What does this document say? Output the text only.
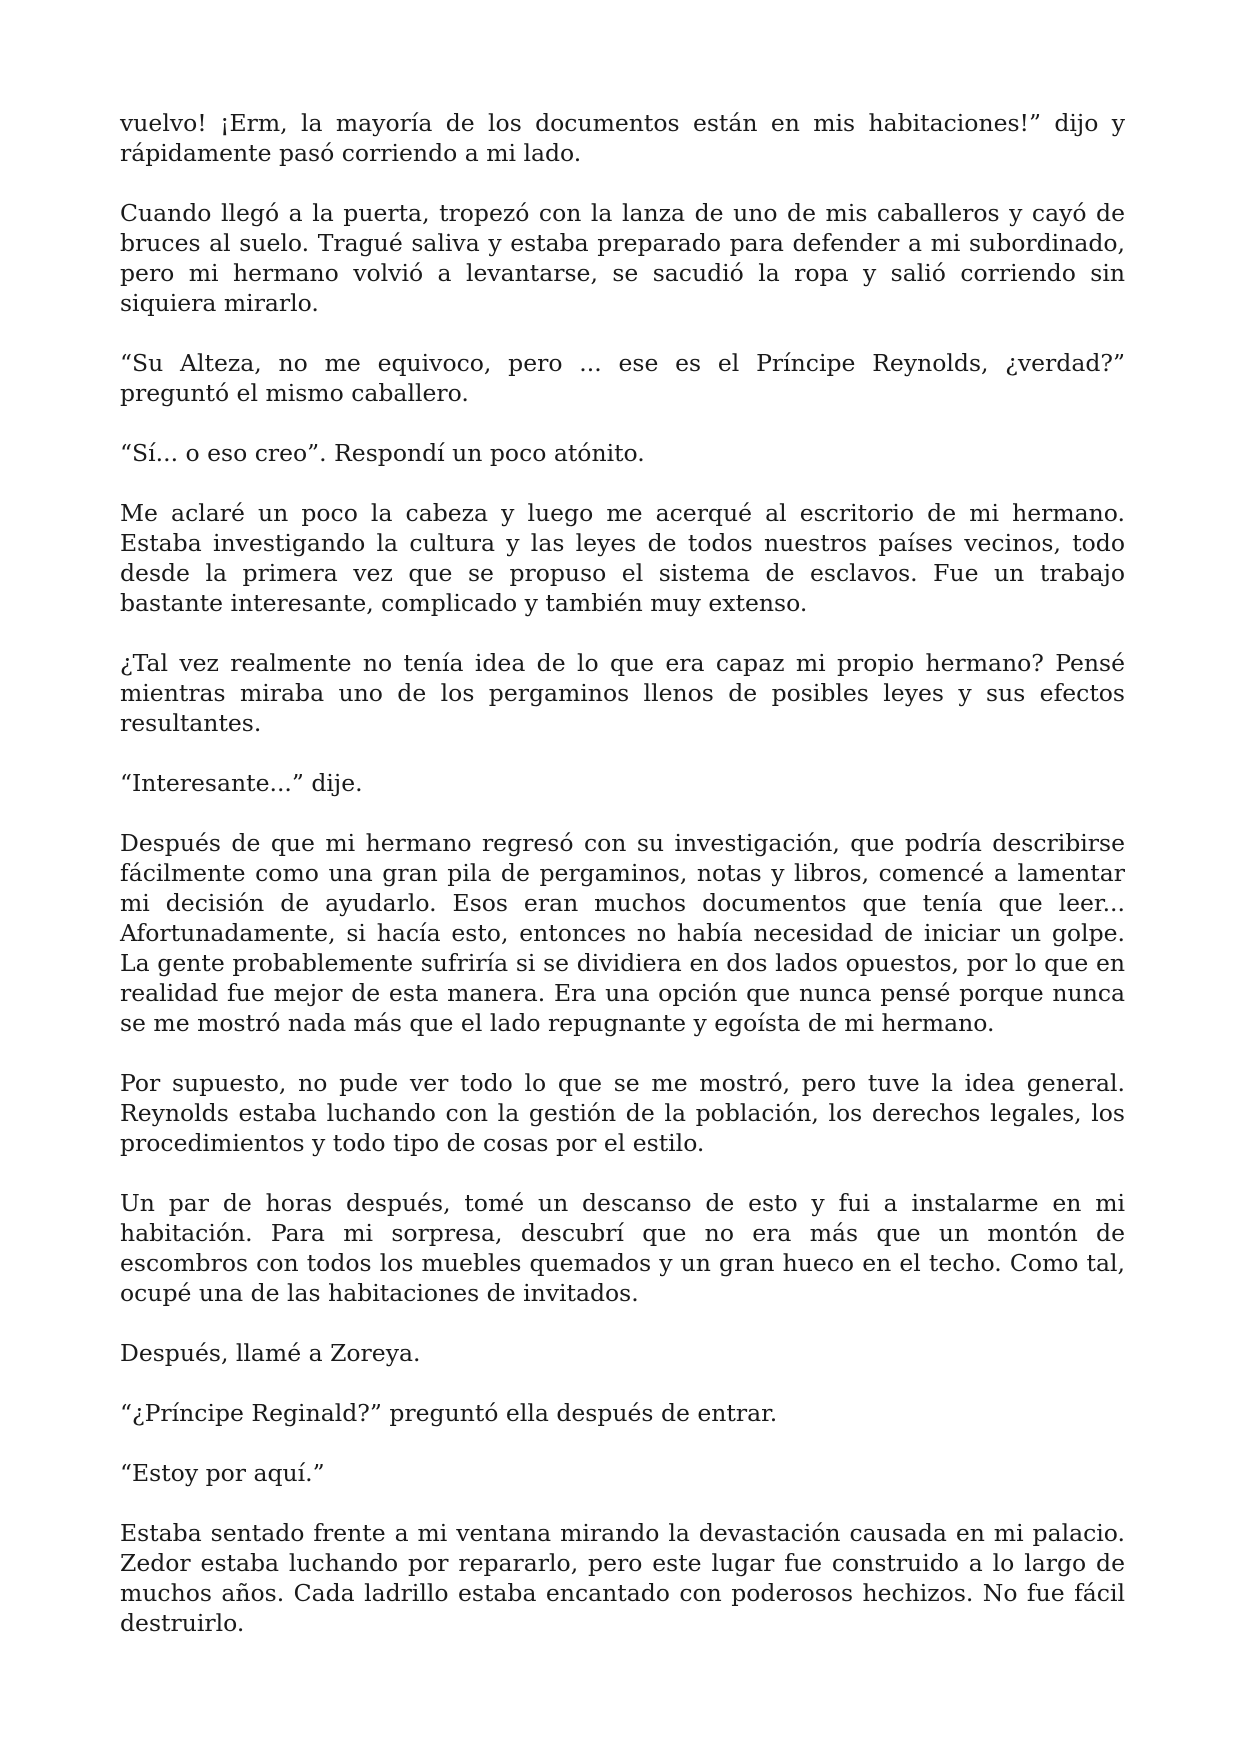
vuelvo! ¡Erm, la mayoría de los documentos están en mis habitaciones!” dijo y rápidamente pasó corriendo a mi lado.

Cuando llegó a la puerta, tropezó con la lanza de uno de mis caballeros y cayó de bruces al suelo. Tragué saliva y estaba preparado para defender a mi subordinado, pero mi hermano volvió a levantarse, se sacudió la ropa y salió corriendo sin siquiera mirarlo.

“Su Alteza, no me equivoco, pero ... ese es el Príncipe Reynolds, ¿verdad?” preguntó el mismo caballero.

“Sí... o eso creo”. Respondí un poco atónito.

Me aclaré un poco la cabeza y luego me acerqué al escritorio de mi hermano. Estaba investigando la cultura y las leyes de todos nuestros países vecinos, todo desde la primera vez que se propuso el sistema de esclavos. Fue un trabajo bastante interesante, complicado y también muy extenso.

¿Tal vez realmente no tenía idea de lo que era capaz mi propio hermano? Pensé mientras miraba uno de los pergaminos llenos de posibles leyes y sus efectos resultantes.

“Interesante...” dije.

Después de que mi hermano regresó con su investigación, que podría describirse fácilmente como una gran pila de pergaminos, notas y libros, comencé a lamentar mi decisión de ayudarlo. Esos eran muchos documentos que tenía que leer... Afortunadamente, si hacía esto, entonces no había necesidad de iniciar un golpe. La gente probablemente sufriría si se dividiera en dos lados opuestos, por lo que en realidad fue mejor de esta manera. Era una opción que nunca pensé porque nunca se me mostró nada más que el lado repugnante y egoísta de mi hermano.

Por supuesto, no pude ver todo lo que se me mostró, pero tuve la idea general. Reynolds estaba luchando con la gestión de la población, los derechos legales, los procedimientos y todo tipo de cosas por el estilo.

Un par de horas después, tomé un descanso de esto y fui a instalarme en mi habitación. Para mi sorpresa, descubrí que no era más que un montón de escombros con todos los muebles quemados y un gran hueco en el techo. Como tal, ocupé una de las habitaciones de invitados.

Después, llamé a Zoreya.

“¿Príncipe Reginald?” preguntó ella después de entrar.

“Estoy por aquí.”

Estaba sentado frente a mi ventana mirando la devastación causada en mi palacio. Zedor estaba luchando por repararlo, pero este lugar fue construido a lo largo de muchos años. Cada ladrillo estaba encantado con poderosos hechizos. No fue fácil destruirlo.
